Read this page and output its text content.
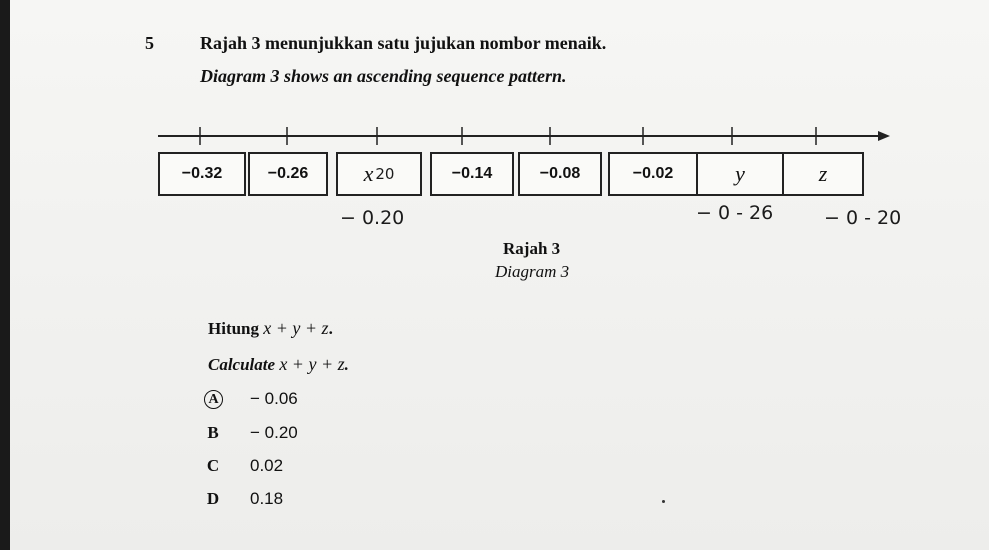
5	Rajah 3 menunjukkan satu jujukan nombor menaik.
Diagram 3 shows an ascending sequence pattern.
−0.32	−0.26	x 20	−0.14	−0.08	−0.02	y	z
− 0.20	− 0 - 26	− 0 - 20
Rajah 3
Diagram 3
Hitung x + y + z.
Calculate x + y + z.
A − 0.06
B − 0.20
C 0.02
D 0.18
